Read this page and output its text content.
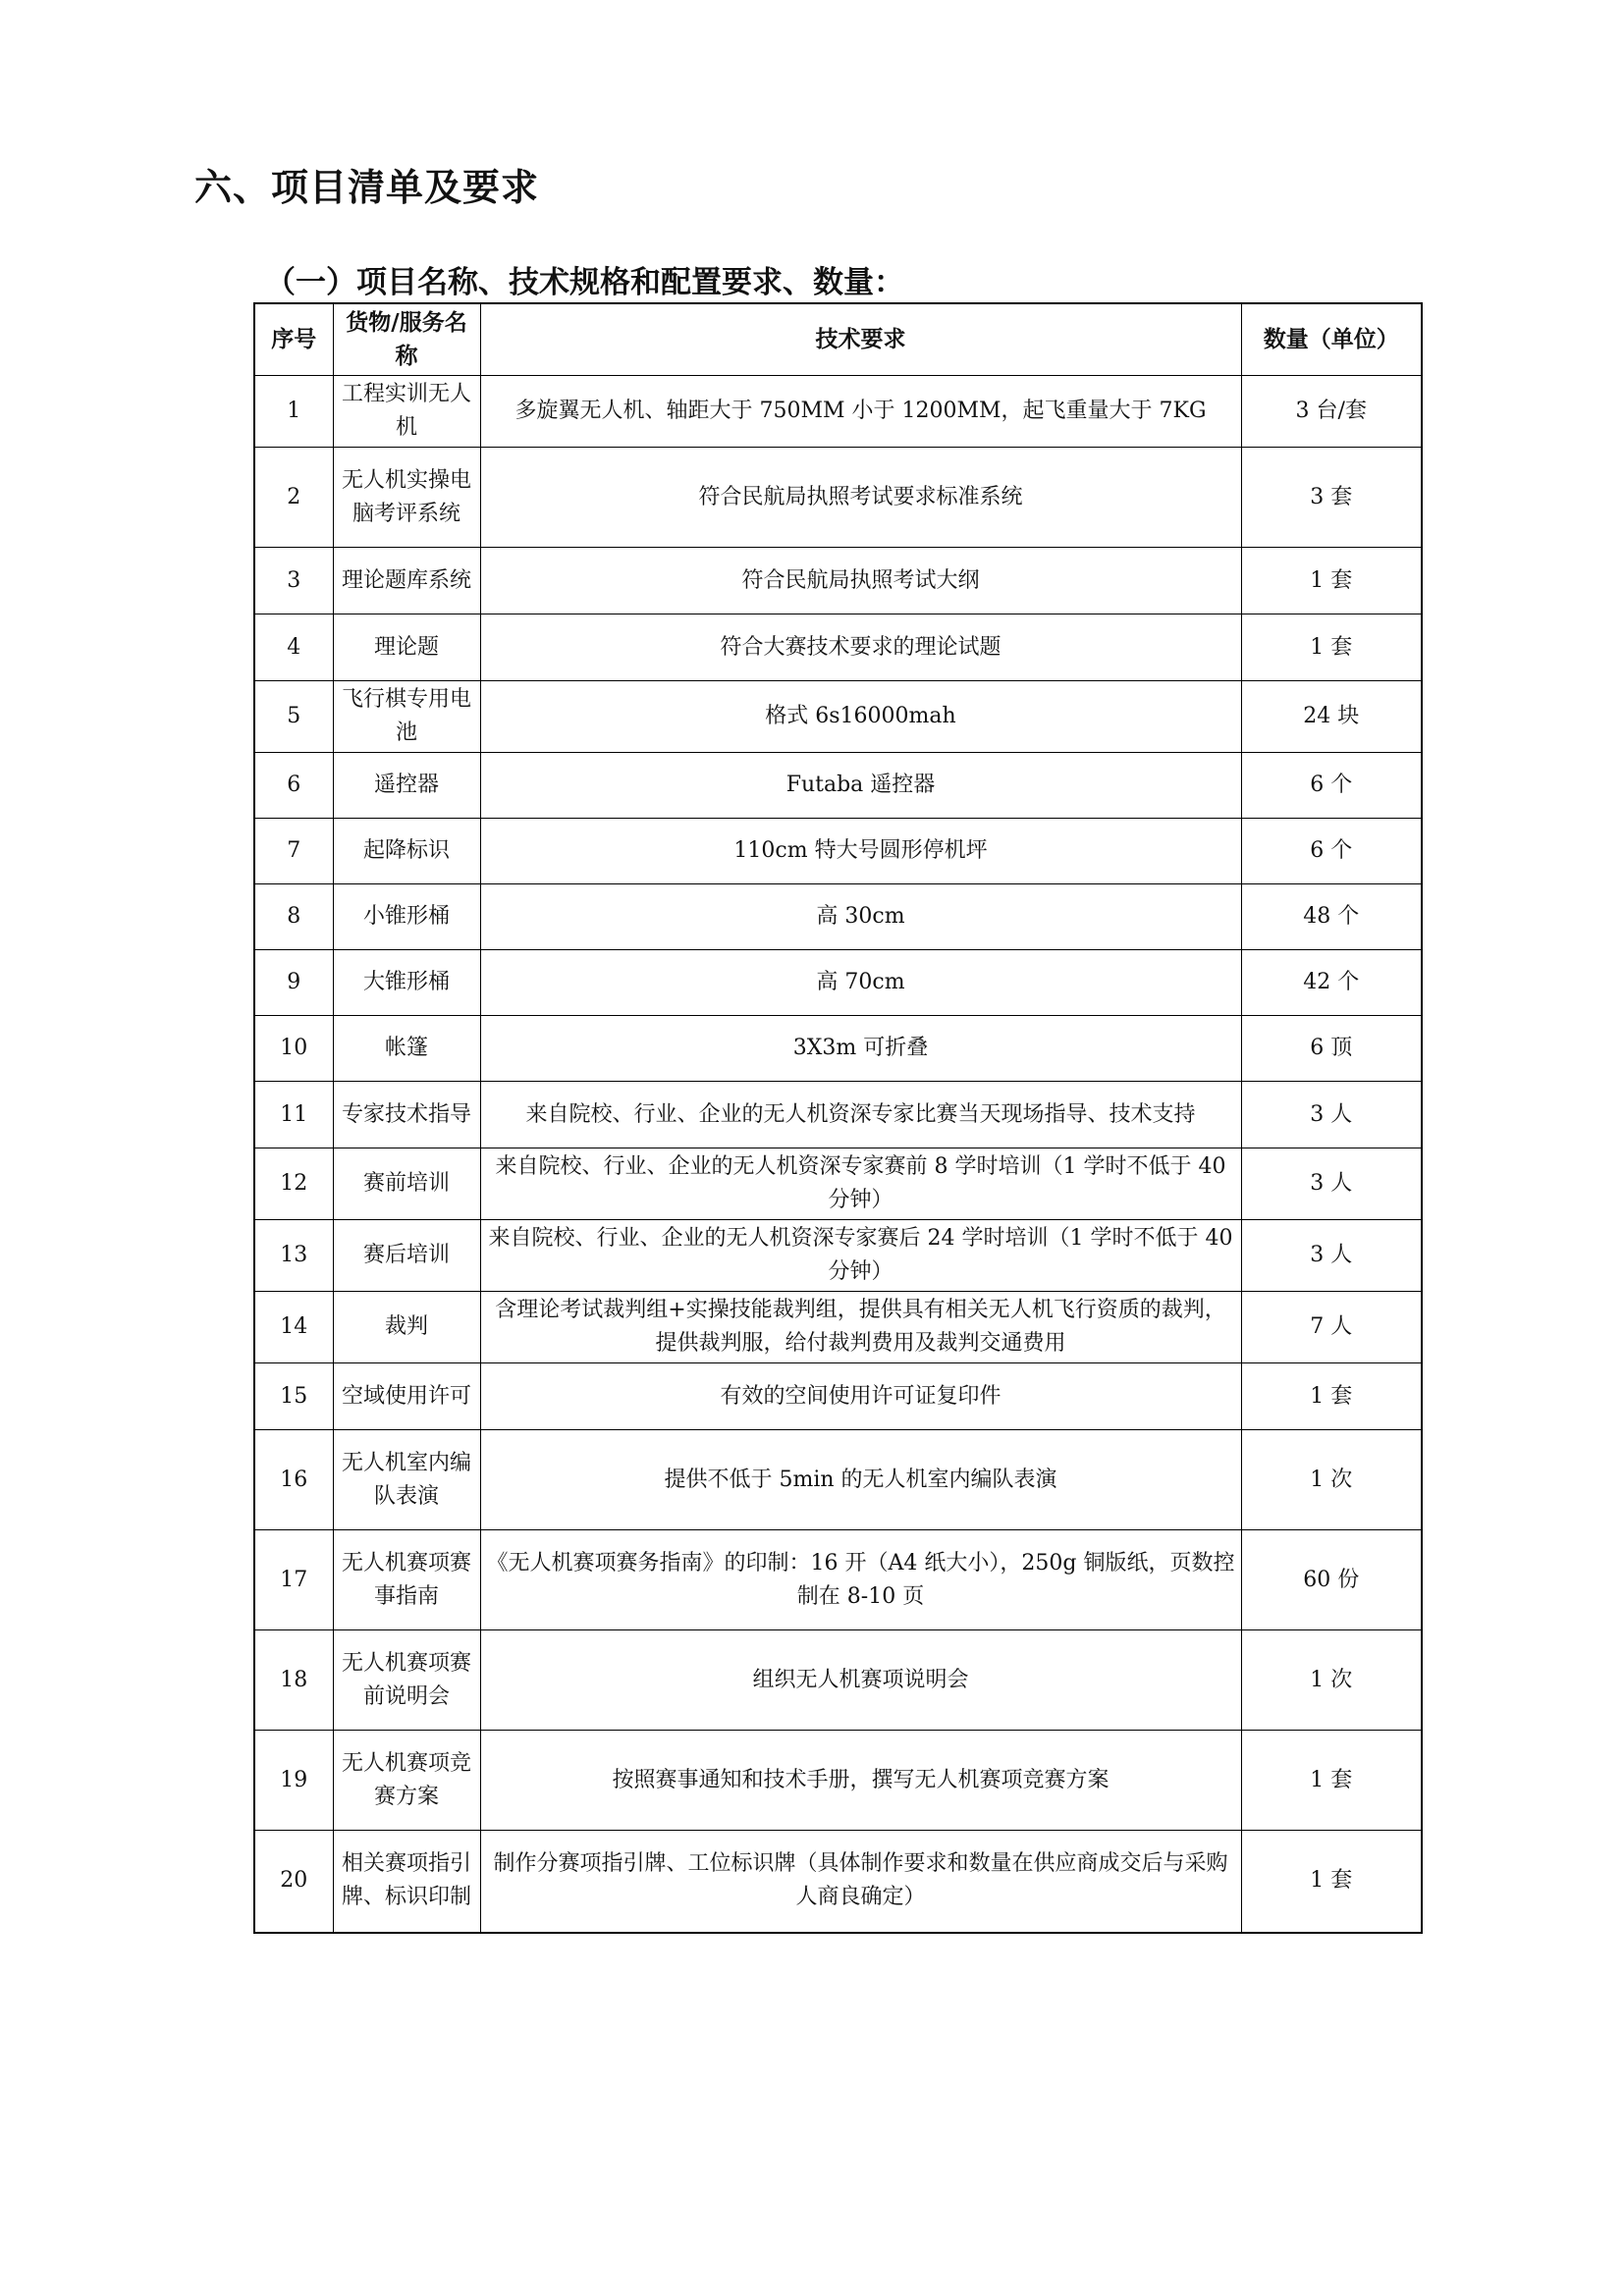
六、项目清单及要求
（一）项目名称、技术规格和配置要求、数量：
序号	货物/服务名称	技术要求	数量（单位）
1	工程实训无人机	多旋翼无人机、轴距大于 750MM 小于 1200MM，起飞重量大于 7KG	3 台/套
2	无人机实操电脑考评系统	符合民航局执照考试要求标准系统	3 套
3	理论题库系统	符合民航局执照考试大纲	1 套
4	理论题	符合大赛技术要求的理论试题	1 套
5	飞行棋专用电池	格式 6s16000mah	24 块
6	遥控器	Futaba 遥控器	6 个
7	起降标识	110cm 特大号圆形停机坪	6 个
8	小锥形桶	高 30cm	48 个
9	大锥形桶	高 70cm	42 个
10	帐篷	3X3m 可折叠	6 顶
11	专家技术指导	来自院校、行业、企业的无人机资深专家比赛当天现场指导、技术支持	3 人
12	赛前培训	来自院校、行业、企业的无人机资深专家赛前 8 学时培训（1 学时不低于 40 分钟）	3 人
13	赛后培训	来自院校、行业、企业的无人机资深专家赛后 24 学时培训（1 学时不低于 40 分钟）	3 人
14	裁判	含理论考试裁判组+实操技能裁判组，提供具有相关无人机飞行资质的裁判，提供裁判服，给付裁判费用及裁判交通费用	7 人
15	空域使用许可	有效的空间使用许可证复印件	1 套
16	无人机室内编队表演	提供不低于 5min 的无人机室内编队表演	1 次
17	无人机赛项赛事指南	《无人机赛项赛务指南》的印制：16 开（A4 纸大小），250g 铜版纸，页数控制在 8-10 页	60 份
18	无人机赛项赛前说明会	组织无人机赛项说明会	1 次
19	无人机赛项竞赛方案	按照赛事通知和技术手册，撰写无人机赛项竞赛方案	1 套
20	相关赛项指引牌、标识印制	制作分赛项指引牌、工位标识牌（具体制作要求和数量在供应商成交后与采购人商良确定）	1 套
